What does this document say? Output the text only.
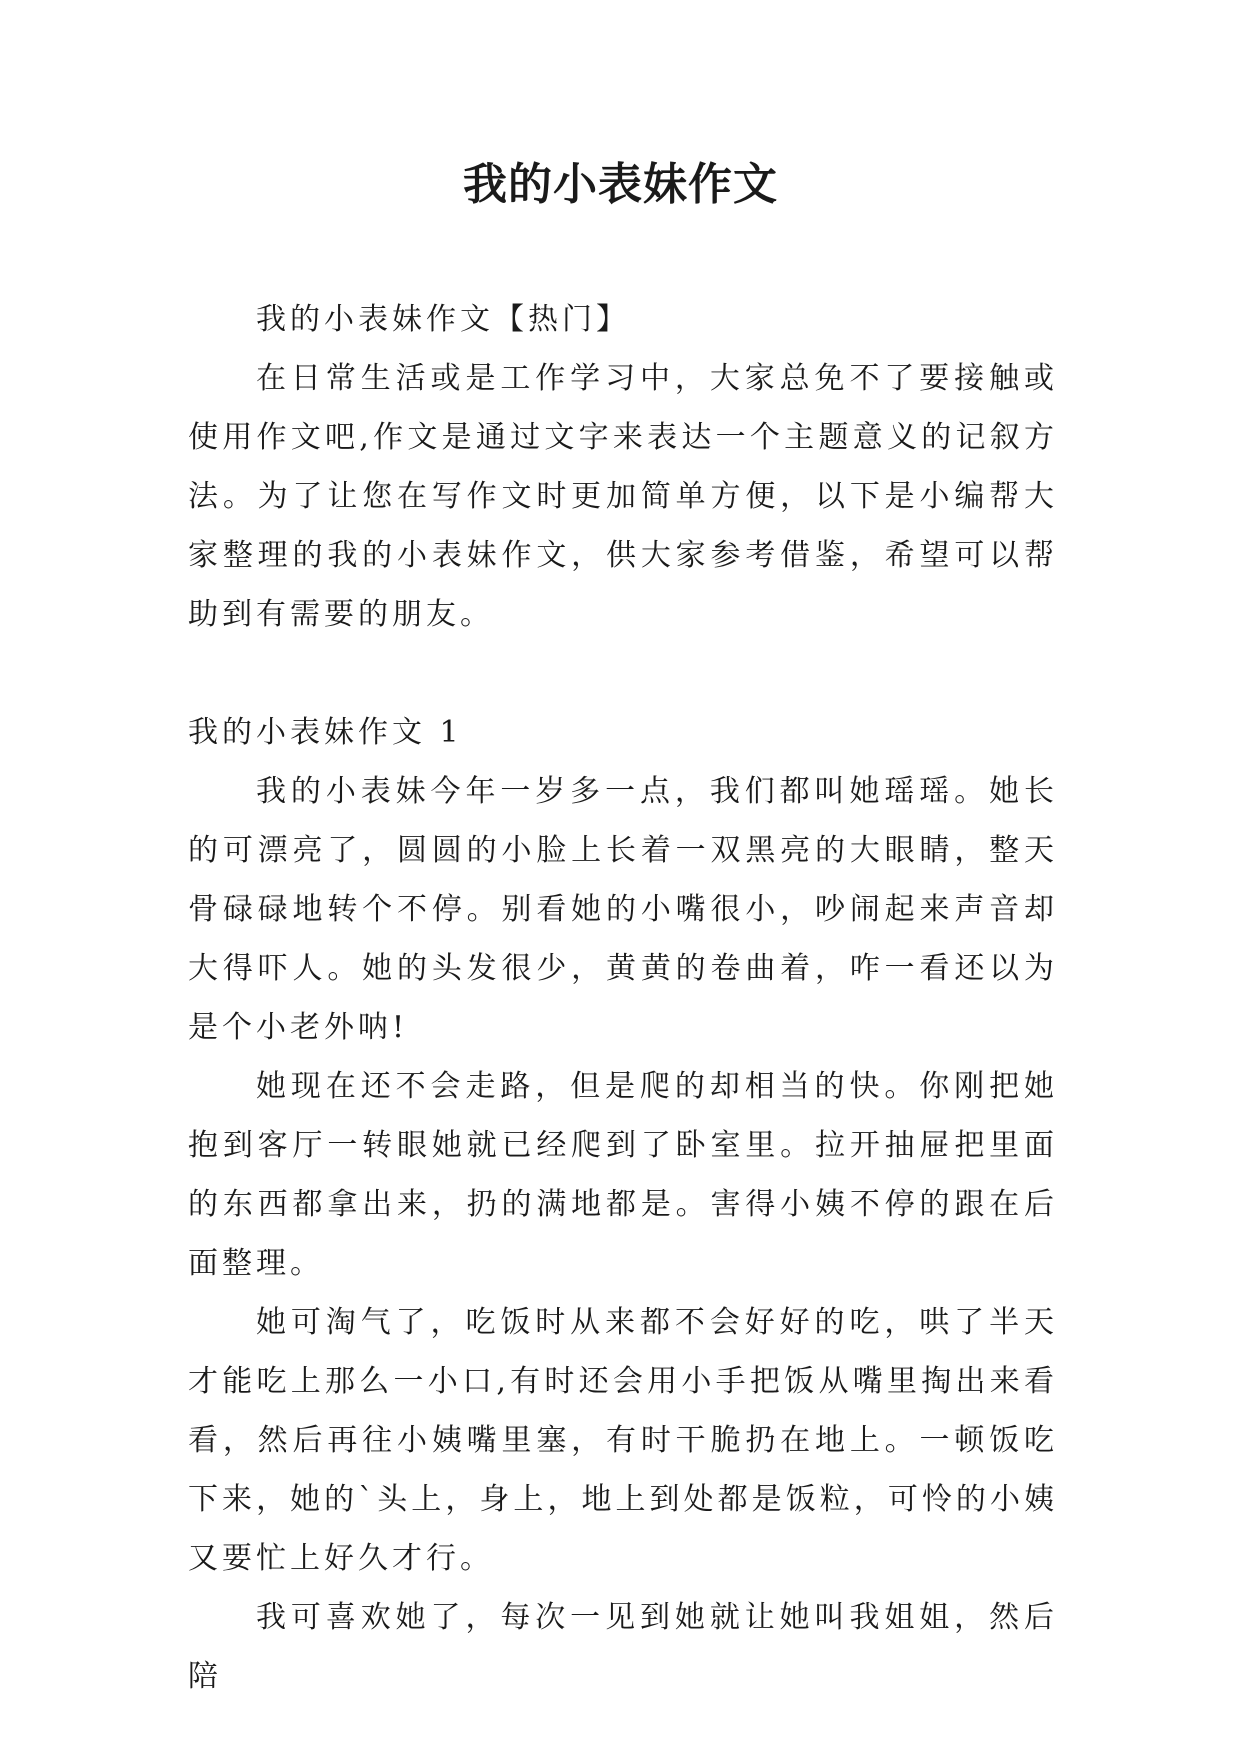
我的小表妹作文

我的小表妹作文【热门】

在日常生活或是工作学习中，大家总免不了要接触或使用作文吧,作文是通过文字来表达一个主题意义的记叙方法。为了让您在写作文时更加简单方便，以下是小编帮大家整理的我的小表妹作文，供大家参考借鉴，希望可以帮助到有需要的朋友。

我的小表妹作文 1

我的小表妹今年一岁多一点，我们都叫她瑶瑶。她长的可漂亮了，圆圆的小脸上长着一双黑亮的大眼睛，整天骨碌碌地转个不停。别看她的小嘴很小，吵闹起来声音却大得吓人。她的头发很少，黄黄的卷曲着，咋一看还以为是个小老外呐!

她现在还不会走路，但是爬的却相当的快。你刚把她抱到客厅一转眼她就已经爬到了卧室里。拉开抽屉把里面的东西都拿出来，扔的满地都是。害得小姨不停的跟在后面整理。

她可淘气了，吃饭时从来都不会好好的吃，哄了半天才能吃上那么一小口,有时还会用小手把饭从嘴里掏出来看看，然后再往小姨嘴里塞，有时干脆扔在地上。一顿饭吃下来，她的`头上，身上，地上到处都是饭粒，可怜的小姨又要忙上好久才行。

我可喜欢她了，每次一见到她就让她叫我姐姐，然后陪
